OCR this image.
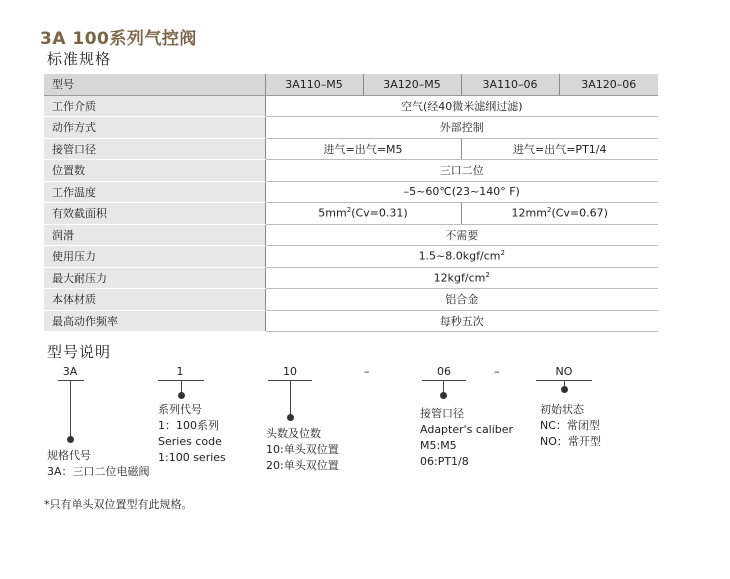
3A 100系列气控阀
标准规格
型号	3A110–M5	3A120–M5	3A110–06	3A120–06
工作介质	空气(经40微米滤纲过滤)			
动作方式	外部控制			
接管口径	进气=出气=M5		进气=出气=PT1/4	
位置数	三口二位			
工作温度	–5~60℃(23~140° F)			
有效截面积	$5mm^2(Cv=0.31)$		$12mm^2(Cv=0.67)$	
润滑	不需要			
使用压力	$1.5\sim 8.0kgf/cm^2$
最大耐压力	$12kgf/cm^2$
本体材质	铝合金			
最高动作频率	每秒五次			
型号说明
3A	1	10	–	06	–	NO
规格代号
3A：三口二位电磁阀
系列代号
1：100系列
Series code
1:100 series
头数及位数
10:单头双位置
20:单头双位置
接管口径
Adapter's caliber
M5:M5
06:PT1/8
初始状态
NC：常闭型
NO：常开型
*只有单头双位置型有此规格。
